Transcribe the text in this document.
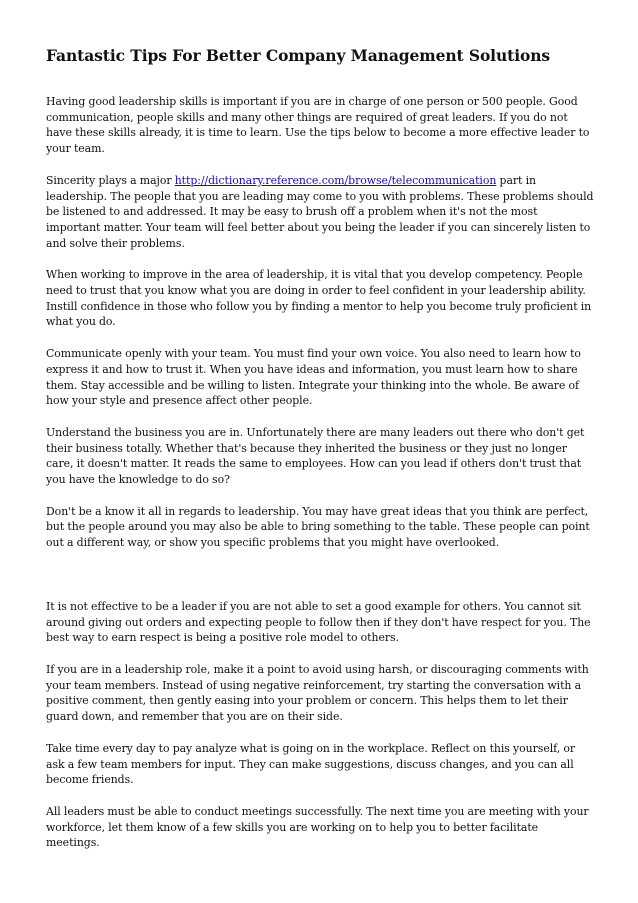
Fantastic Tips For Better Company Management Solutions

Having good leadership skills is important if you are in charge of one person or 500 people. Good communication, people skills and many other things are required of great leaders. If you do not have these skills already, it is time to learn. Use the tips below to become a more effective leader to your team.

Sincerity plays a major http://dictionary.reference.com/browse/telecommunication part in leadership. The people that you are leading may come to you with problems. These problems should be listened to and addressed. It may be easy to brush off a problem when it's not the most important matter. Your team will feel better about you being the leader if you can sincerely listen to and solve their problems.

When working to improve in the area of leadership, it is vital that you develop competency. People need to trust that you know what you are doing in order to feel confident in your leadership ability. Instill confidence in those who follow you by finding a mentor to help you become truly proficient in what you do.

Communicate openly with your team. You must find your own voice. You also need to learn how to express it and how to trust it. When you have ideas and information, you must learn how to share them. Stay accessible and be willing to listen. Integrate your thinking into the whole. Be aware of how your style and presence affect other people.

Understand the business you are in. Unfortunately there are many leaders out there who don't get their business totally. Whether that's because they inherited the business or they just no longer care, it doesn't matter. It reads the same to employees. How can you lead if others don't trust that you have the knowledge to do so?

Don't be a know it all in regards to leadership. You may have great ideas that you think are perfect, but the people around you may also be able to bring something to the table. These people can point out a different way, or show you specific problems that you might have overlooked.

It is not effective to be a leader if you are not able to set a good example for others. You cannot sit around giving out orders and expecting people to follow then if they don't have respect for you. The best way to earn respect is being a positive role model to others.

If you are in a leadership role, make it a point to avoid using harsh, or discouraging comments with your team members. Instead of using negative reinforcement, try starting the conversation with a positive comment, then gently easing into your problem or concern. This helps them to let their guard down, and remember that you are on their side.

Take time every day to pay analyze what is going on in the workplace. Reflect on this yourself, or ask a few team members for input. They can make suggestions, discuss changes, and you can all become friends.

All leaders must be able to conduct meetings successfully. The next time you are meeting with your workforce, let them know of a few skills you are working on to help you to better facilitate meetings.
